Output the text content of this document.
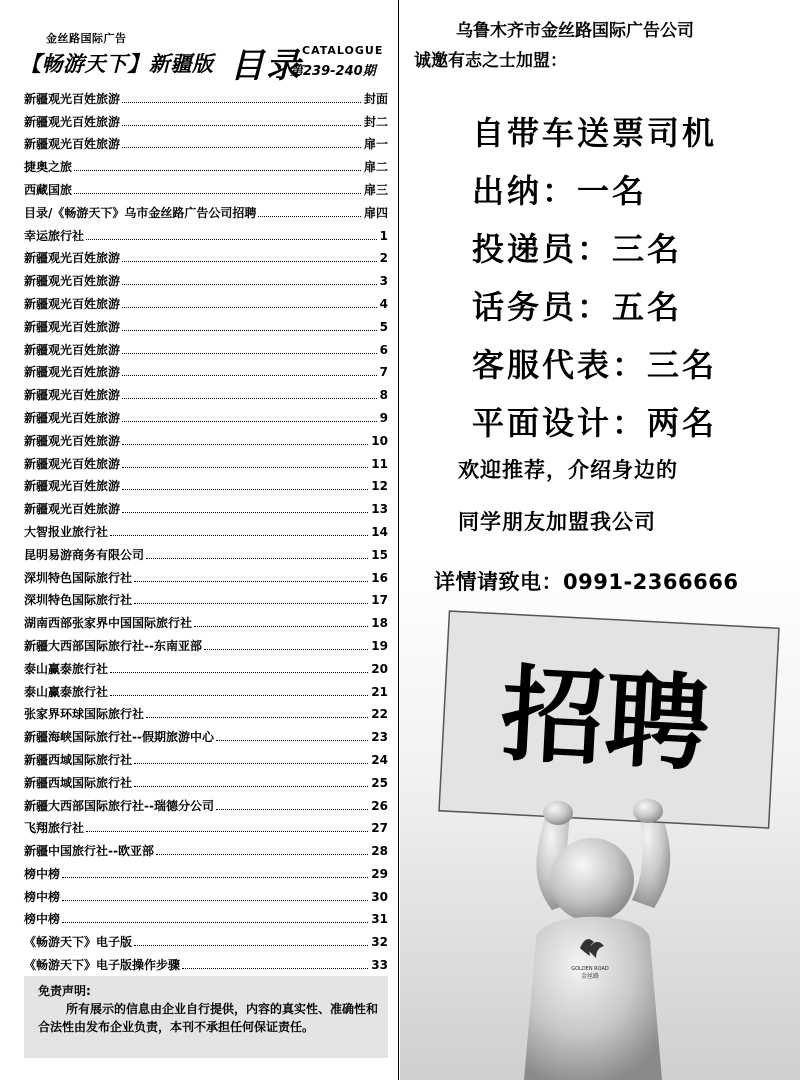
金丝路国际广告
【畅游天下】新疆版 目录 CATALOGUE
第239-240期
新疆观光百姓旅游	封面
新疆观光百姓旅游	封二
新疆观光百姓旅游	扉一
捷奥之旅	扉二
西藏国旅	扉三
目录/《畅游天下》乌市金丝路广告公司招聘	扉四
幸运旅行社	1
新疆观光百姓旅游	2
新疆观光百姓旅游	3
新疆观光百姓旅游	4
新疆观光百姓旅游	5
新疆观光百姓旅游	6
新疆观光百姓旅游	7
新疆观光百姓旅游	8
新疆观光百姓旅游	9
新疆观光百姓旅游	10
新疆观光百姓旅游	11
新疆观光百姓旅游	12
新疆观光百姓旅游	13
大智报业旅行社	14
昆明易游商务有限公司	15
深圳特色国际旅行社	16
深圳特色国际旅行社	17
湖南西部张家界中国国际旅行社	18
新疆大西部国际旅行社--东南亚部	19
泰山赢泰旅行社	20
泰山赢泰旅行社	21
张家界环球国际旅行社	22
新疆海峡国际旅行社--假期旅游中心	23
新疆西域国际旅行社	24
新疆西域国际旅行社	25
新疆大西部国际旅行社--瑞德分公司	26
飞翔旅行社	27
新疆中国旅行社--欧亚部	28
榜中榜	29
榜中榜	30
榜中榜	31
《畅游天下》电子版	32
《畅游天下》电子版操作步骤	33
免责声明:
所有展示的信息由企业自行提供，内容的真实性、准确性和合法性由发布企业负责，本刊不承担任何保证责任。
乌鲁木齐市金丝路国际广告公司
诚邀有志之士加盟：
自带车送票司机
出纳：一名
投递员：三名
话务员：五名
客服代表：三名
平面设计：两名
欢迎推荐，介绍身边的
同学朋友加盟我公司
详情请致电：0991-2366666
招聘
GOLDEN ROAD
金丝路
